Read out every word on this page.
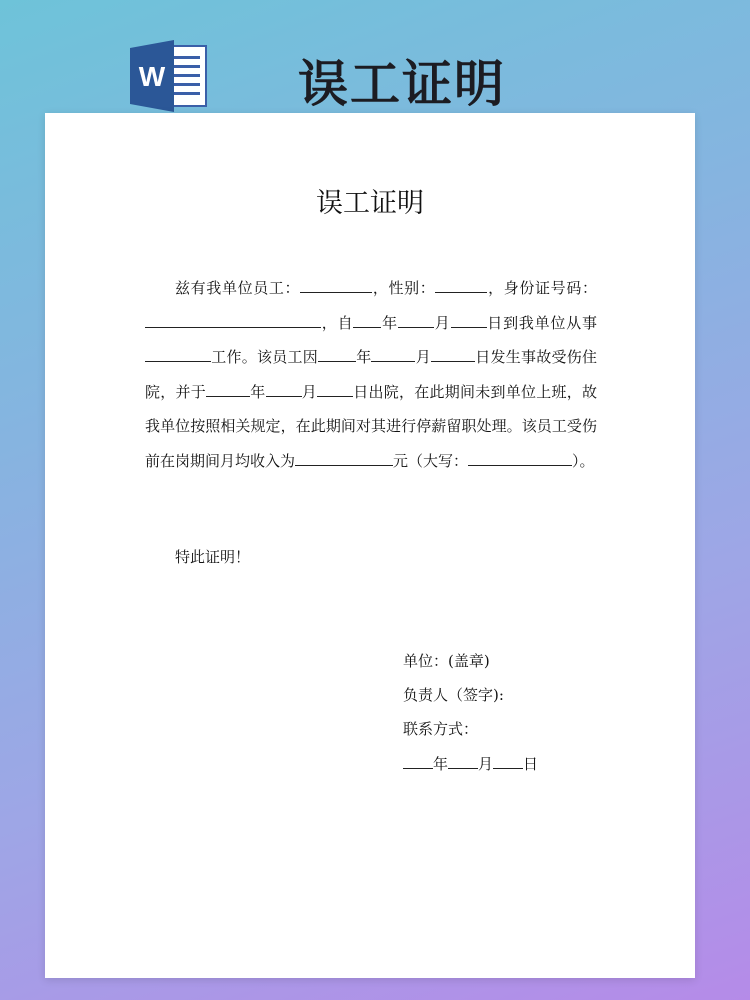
W	误工证明
误工证明
兹有我单位员工：	，性别：	，身份证号码：，自 年 月 日到我单位从事工作。该员工因	年	月	日发生事故受伤住院，并于	年 月 日出院，在此期间未到单位上班，故我单位按照相关规定，在此期间对其进行停薪留职处理。该员工受伤前在岗期间月均收入为	元（大写：	）。
特此证明！
单位：(盖章)
负责人（签字):
联系方式：
年 月 日
